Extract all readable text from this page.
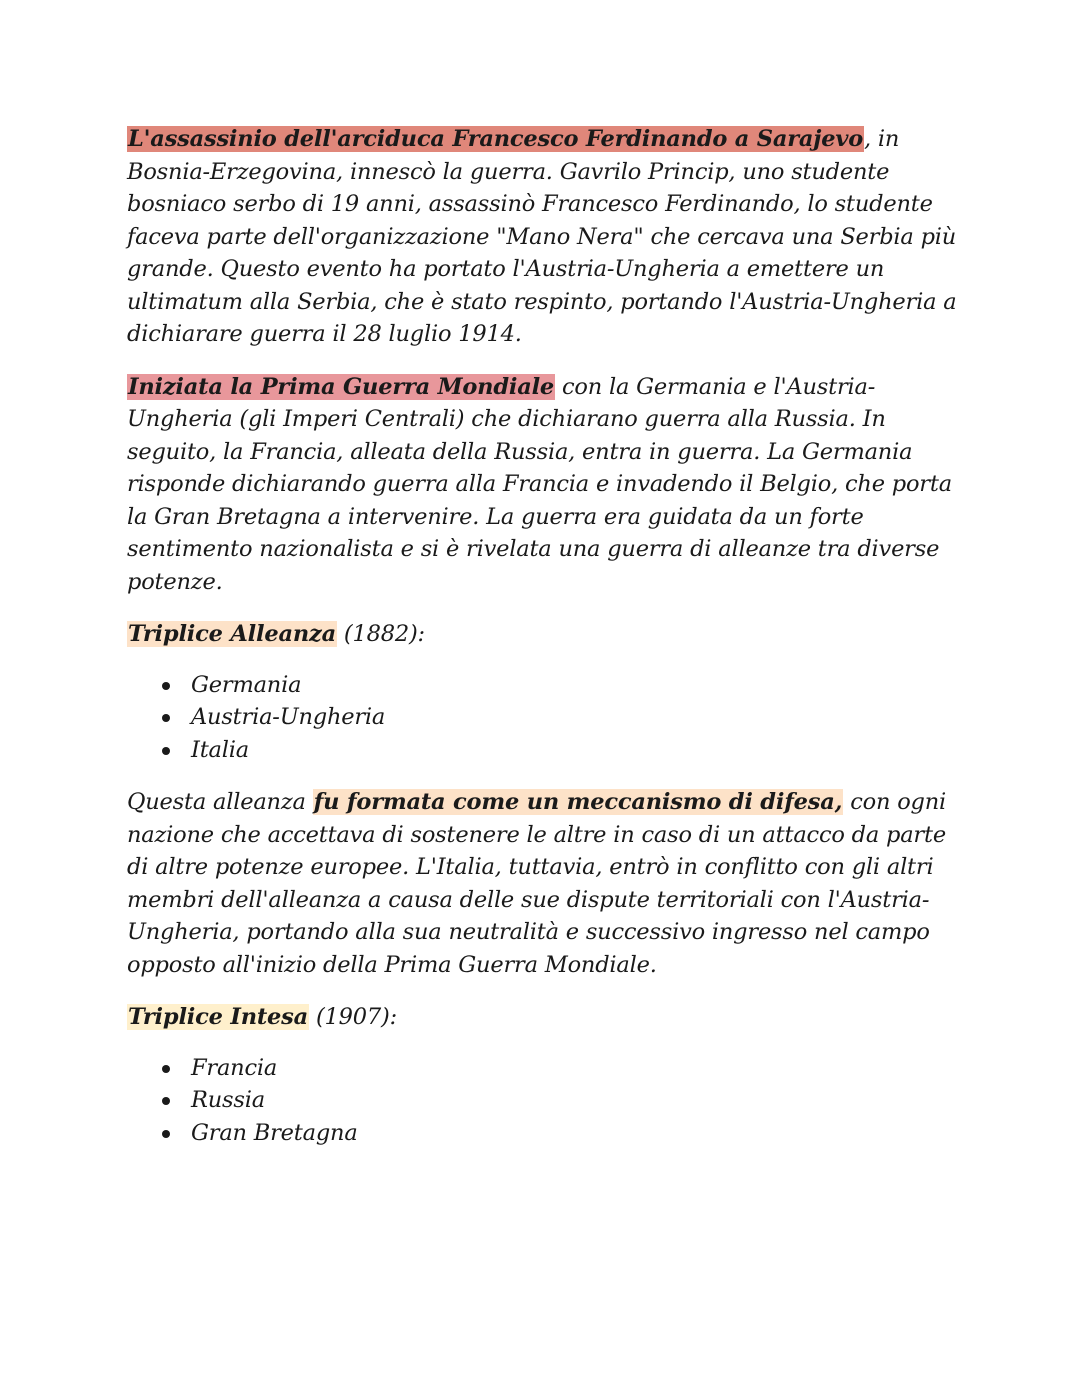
L'assassinio dell'arciduca Francesco Ferdinando a Sarajevo, in Bosnia-Erzegovina, innescò la guerra. Gavrilo Princip, uno studente bosniaco serbo di 19 anni, assassinò Francesco Ferdinando, lo studente faceva parte dell'organizzazione "Mano Nera" che cercava una Serbia più grande. Questo evento ha portato l'Austria-Ungheria a emettere un ultimatum alla Serbia, che è stato respinto, portando l'Austria-Ungheria a dichiarare guerra il 28 luglio 1914.

Iniziata la Prima Guerra Mondiale con la Germania e l'Austria-Ungheria (gli Imperi Centrali) che dichiarano guerra alla Russia. In seguito, la Francia, alleata della Russia, entra in guerra. La Germania risponde dichiarando guerra alla Francia e invadendo il Belgio, che porta la Gran Bretagna a intervenire. La guerra era guidata da un forte sentimento nazionalista e si è rivelata una guerra di alleanze tra diverse potenze.

Triplice Alleanza (1882):

Germania
Austria-Ungheria
Italia

Questa alleanza fu formata come un meccanismo di difesa, con ogni nazione che accettava di sostenere le altre in caso di un attacco da parte di altre potenze europee. L'Italia, tuttavia, entrò in conflitto con gli altri membri dell'alleanza a causa delle sue dispute territoriali con l'Austria-Ungheria, portando alla sua neutralità e successivo ingresso nel campo opposto all'inizio della Prima Guerra Mondiale.

Triplice Intesa (1907):

Francia
Russia
Gran Bretagna
